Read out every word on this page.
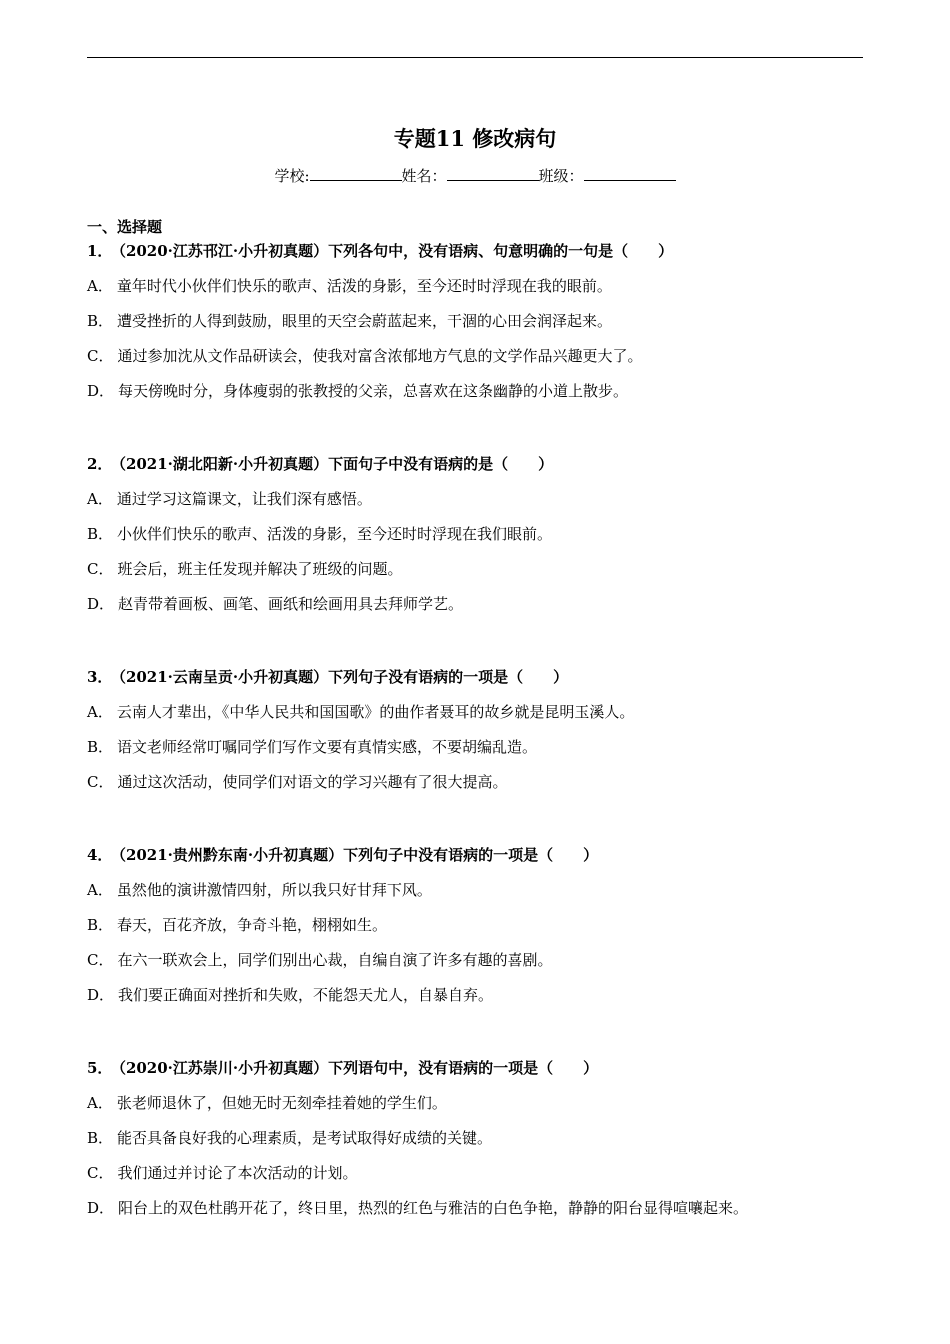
专题11 修改病句
学校:	姓名：	班级：
一、选择题
1． （2020·江苏邗江·小升初真题）下列各句中，没有语病、句意明确的一句是（　　）
A． 童年时代小伙伴们快乐的歌声、活泼的身影，至今还时时浮现在我的眼前。
B． 遭受挫折的人得到鼓励，眼里的天空会蔚蓝起来，干涸的心田会润泽起来。
C． 通过参加沈从文作品研读会，使我对富含浓郁地方气息的文学作品兴趣更大了。
D． 每天傍晚时分，身体瘦弱的张教授的父亲，总喜欢在这条幽静的小道上散步。
2． （2021·湖北阳新·小升初真题）下面句子中没有语病的是（　　）
A． 通过学习这篇课文，让我们深有感悟。
B． 小伙伴们快乐的歌声、活泼的身影，至今还时时浮现在我们眼前。
C． 班会后，班主任发现并解决了班级的问题。
D． 赵青带着画板、画笔、画纸和绘画用具去拜师学艺。
3． （2021·云南呈贡·小升初真题）下列句子没有语病的一项是（　　）
A． 云南人才辈出，《中华人民共和国国歌》的曲作者聂耳的故乡就是昆明玉溪人。
B． 语文老师经常叮嘱同学们写作文要有真情实感，不要胡编乱造。
C． 通过这次活动，使同学们对语文的学习兴趣有了很大提高。
4． （2021·贵州黔东南·小升初真题）下列句子中没有语病的一项是（　　）
A． 虽然他的演讲激情四射，所以我只好甘拜下风。
B． 春天，百花齐放，争奇斗艳，栩栩如生。
C． 在六一联欢会上，同学们别出心裁，自编自演了许多有趣的喜剧。
D． 我们要正确面对挫折和失败，不能怨天尤人，自暴自弃。
5． （2020·江苏崇川·小升初真题）下列语句中，没有语病的一项是（　　）
A． 张老师退休了，但她无时无刻牵挂着她的学生们。
B． 能否具备良好我的心理素质，是考试取得好成绩的关键。
C． 我们通过并讨论了本次活动的计划。
D． 阳台上的双色杜鹃开花了，终日里，热烈的红色与雅洁的白色争艳，静静的阳台显得喧嚷起来。
